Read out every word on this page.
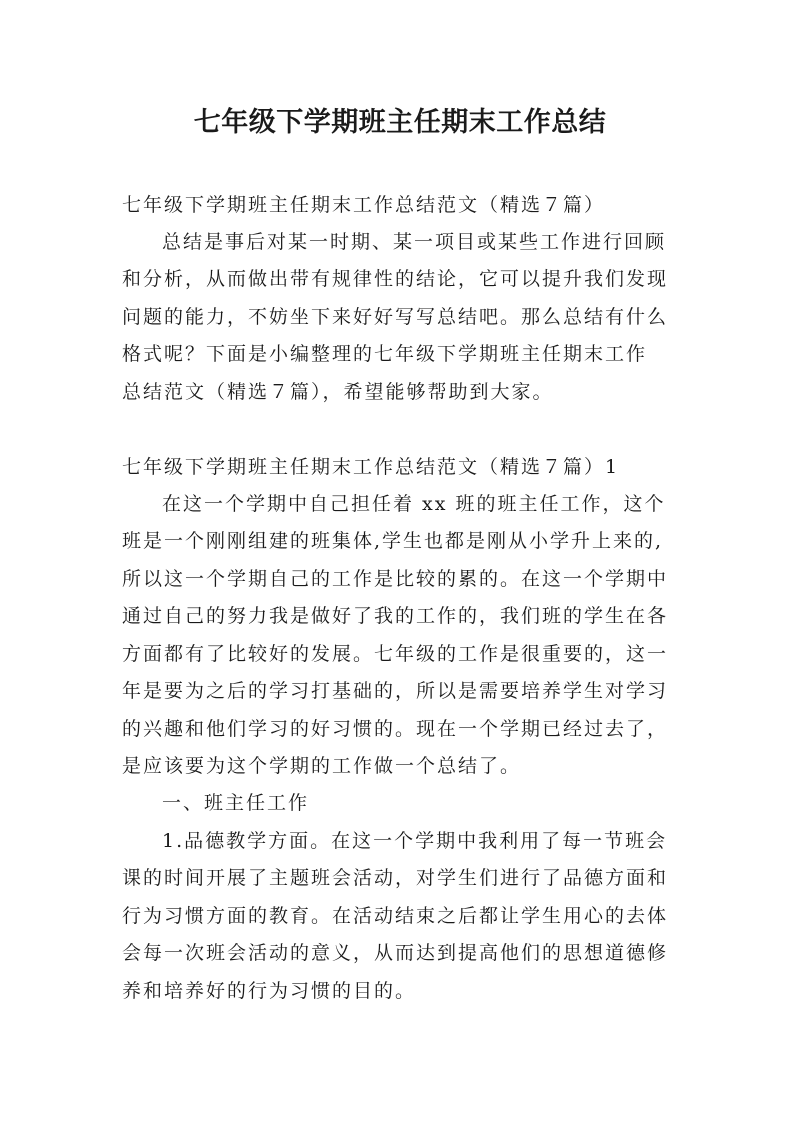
七年级下学期班主任期末工作总结
七年级下学期班主任期末工作总结范文（精选７篇）
总结是事后对某一时期、某一项目或某些工作进行回顾
和分析，从而做出带有规律性的结论，它可以提升我们发现
问题的能力，不妨坐下来好好写写总结吧。那么总结有什么
格式呢？下面是小编整理的七年级下学期班主任期末工作
总结范文（精选７篇），希望能够帮助到大家。
七年级下学期班主任期末工作总结范文（精选７篇）1
在这一个学期中自己担任着 xx 班的班主任工作，这个
班是一个刚刚组建的班集体,学生也都是刚从小学升上来的,
所以这一个学期自己的工作是比较的累的。在这一个学期中
通过自己的努力我是做好了我的工作的，我们班的学生在各
方面都有了比较好的发展。七年级的工作是很重要的，这一
年是要为之后的学习打基础的，所以是需要培养学生对学习
的兴趣和他们学习的好习惯的。现在一个学期已经过去了，
是应该要为这个学期的工作做一个总结了。
一、班主任工作
1.品德教学方面。在这一个学期中我利用了每一节班会
课的时间开展了主题班会活动，对学生们进行了品德方面和
行为习惯方面的教育。在活动结束之后都让学生用心的去体
会每一次班会活动的意义，从而达到提高他们的思想道德修
养和培养好的行为习惯的目的。
